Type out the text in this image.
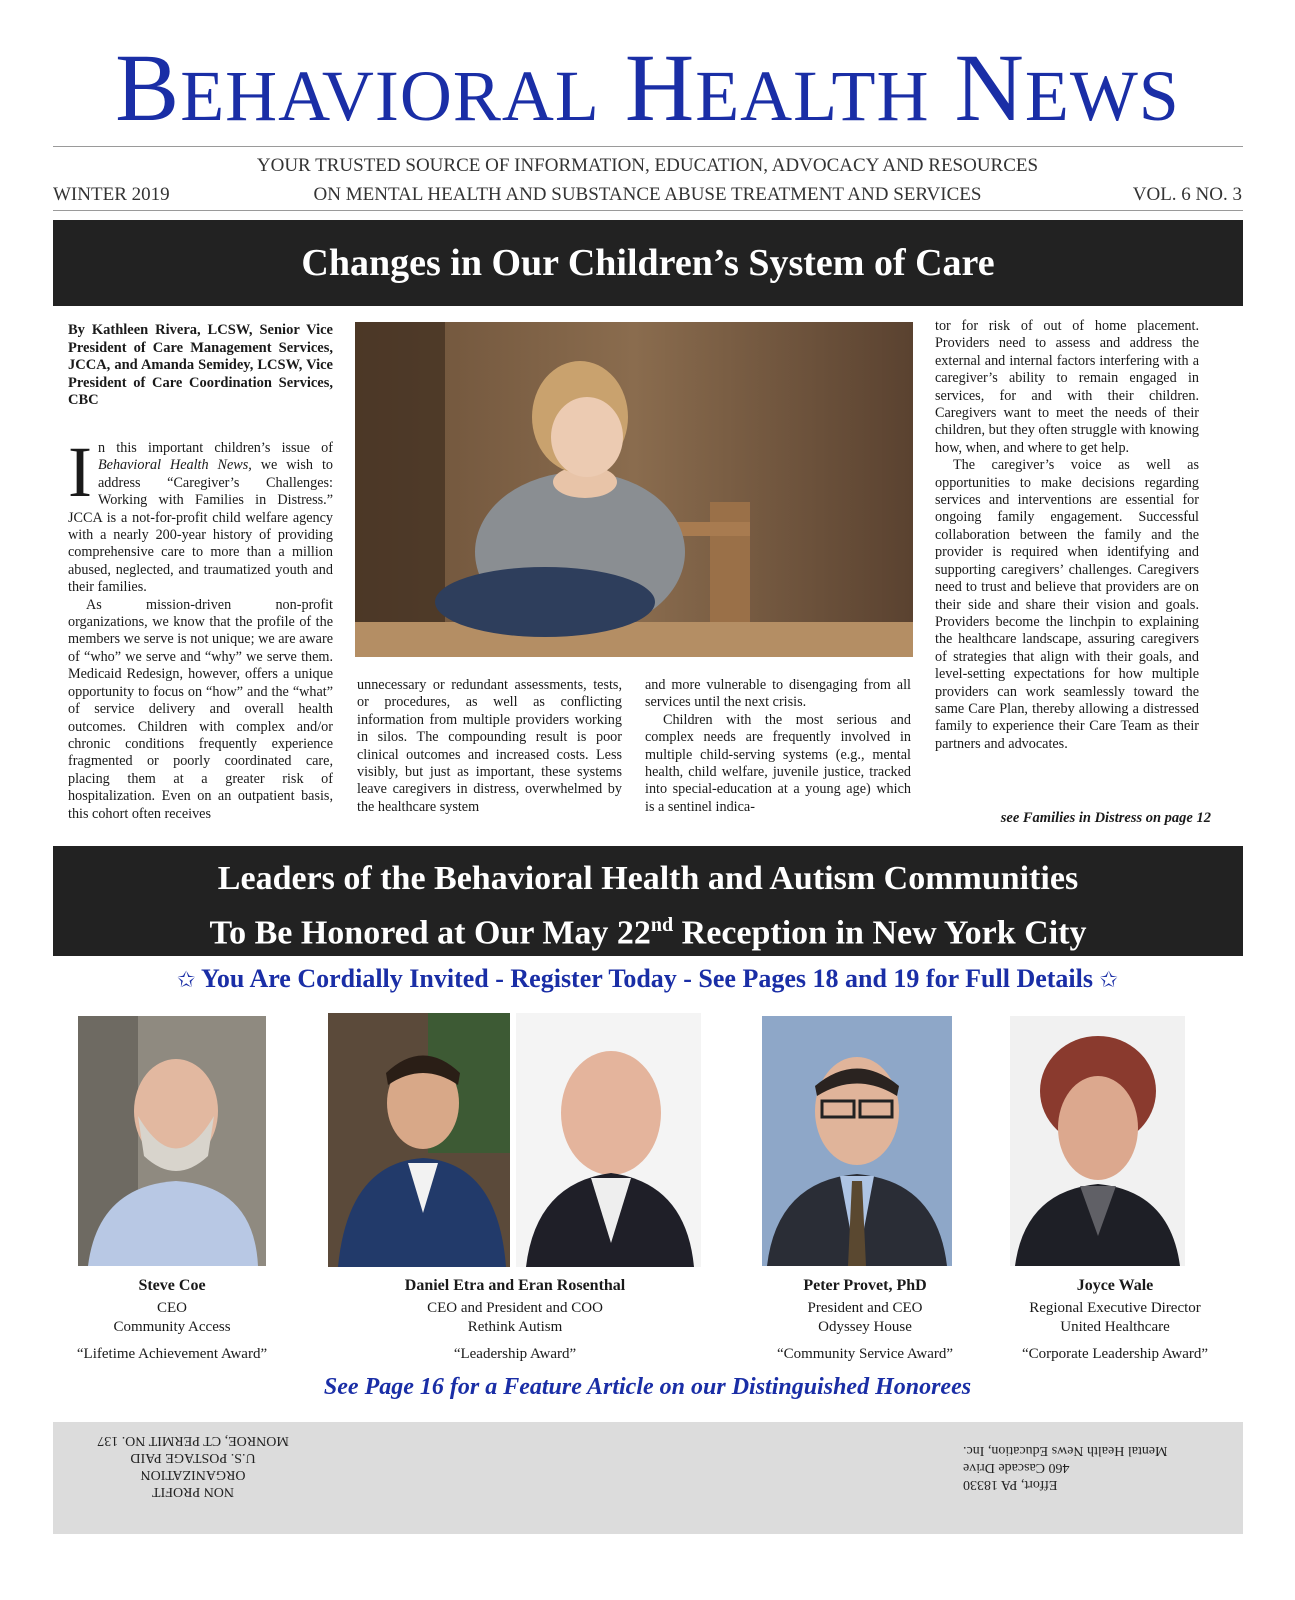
BEHAVIORAL HEALTH NEWS
YOUR TRUSTED SOURCE OF INFORMATION, EDUCATION, ADVOCACY AND RESOURCES
ON MENTAL HEALTH AND SUBSTANCE ABUSE TREATMENT AND SERVICES
WINTER 2019	VOL. 6 NO. 3
Changes in Our Children’s System of Care
By Kathleen Rivera, LCSW, Senior Vice President of Care Management Services, JCCA, and Amanda Semidey, LCSW, Vice President of Care Coordination Services, CBC

In this important children’s issue of Behavioral Health News, we wish to address “Caregiver’s Challenges: Working with Families in Distress.” JCCA is a not-for-profit child welfare agency with a nearly 200-year history of providing comprehensive care to more than a million abused, neglected, and traumatized youth and their families.

As mission-driven non-profit organizations, we know that the profile of the members we serve is not unique; we are aware of “who” we serve and “why” we serve them. Medicaid Redesign, however, offers a unique opportunity to focus on “how” and the “what” of service delivery and overall health outcomes. Children with complex and/or chronic conditions frequently experience fragmented or poorly coordinated care, placing them at a greater risk of hospitalization. Even on an outpatient basis, this cohort often receives

unnecessary or redundant assessments, tests, or procedures, as well as conflicting information from multiple providers working in silos. The compounding result is poor clinical outcomes and increased costs. Less visibly, but just as important, these systems leave caregivers in distress, overwhelmed by the healthcare system

and more vulnerable to disengaging from all services until the next crisis.

Children with the most serious and complex needs are frequently involved in multiple child-serving systems (e.g., mental health, child welfare, juvenile justice, tracked into special-education at a young age) which is a sentinel indica-

tor for risk of out of home placement. Providers need to assess and address the external and internal factors interfering with a caregiver’s ability to remain engaged in services, for and with their children. Caregivers want to meet the needs of their children, but they often struggle with knowing how, when, and where to get help.

The caregiver’s voice as well as opportunities to make decisions regarding services and interventions are essential for ongoing family engagement. Successful collaboration between the family and the provider is required when identifying and supporting caregivers’ challenges. Caregivers need to trust and believe that providers are on their side and share their vision and goals. Providers become the linchpin to explaining the healthcare landscape, assuring caregivers of strategies that align with their goals, and level-setting expectations for how multiple providers can work seamlessly toward the same Care Plan, thereby allowing a distressed family to experience their Care Team as their partners and advocates.

see Families in Distress on page 12
Leaders of the Behavioral Health and Autism Communities
To Be Honored at Our May 22nd Reception in New York City
✩ You Are Cordially Invited - Register Today - See Pages 18 and 19 for Full Details ✩
Steve Coe
CEO
Community Access
“Lifetime Achievement Award”
Daniel Etra and Eran Rosenthal
CEO and President and COO
Rethink Autism
“Leadership Award”
Peter Provet, PhD
President and CEO
Odyssey House
“Community Service Award”
Joyce Wale
Regional Executive Director
United Healthcare
“Corporate Leadership Award”
See Page 16 for a Feature Article on our Distinguished Honorees
NON PROFIT
ORGANIZATION
U.S. POSTAGE PAID
MONROE, CT PERMIT NO. 137
Effort, PA 18330
460 Cascade Drive
Mental Health News Education, Inc.
